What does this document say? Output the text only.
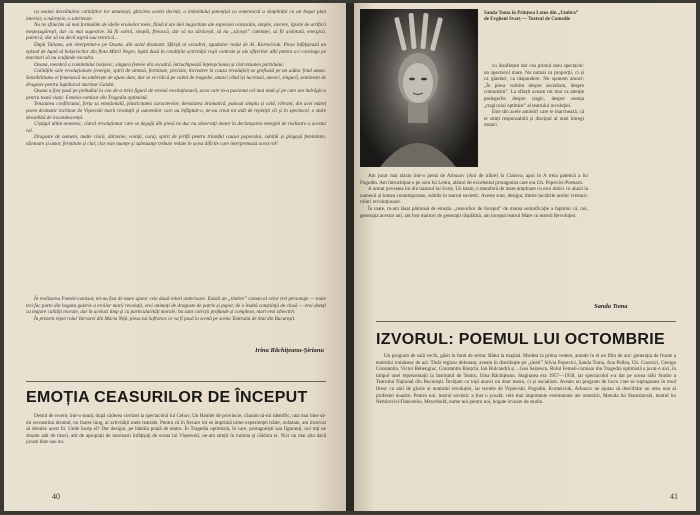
cu seamă dezvăluirea calităților lor umanești, ghicirea acelei dorinți, a imboldului potențial cu omenescul a simplității cu un bogat plan interior, a mărețeie, o sobrietate.

Nu ne sfiiurăm să mai formulăm de ideile eroinelor mele, fiindcă am idei majoritate ale expresiei cenzurăm, simple, sincere, lipsite de artificii meșteșugărești, dar cu mai sugestive. Să fii sobră, simplă, firească, dar să nu sărăcești, să nu „săcești” cuminței, să fii avântată, energică, patetică, dar să nu devii aspră sau retorică...

După Tatiana, am interpretat-o pe Oxana, din actul dramatic Sfârșit al escadrei, zguduitor redat de Al. Korneiciuk. Piesa înfățișează un episod de luptă al bolșevicilor din flota Mării Negre, luptă dusă în condițiile activității roșii centrale și ale ofițerilor albi pentru a-i convinge pe marinari să nu scufunde escadra.

Oxana, membră a comitetului bolșevic, singura femeie din escadră, întruchipează înțelepciunea și clarviziunea partidului.

Calitățile sale revoluționare (energie, spirit de sinteză, fermitate, precizie, încredere în cauza revoluției) se grefează pe un adânc fond uman. Sensibilitatea ei femeiască nu umbrește de ajuns date, dar se se ridică pe culmi de tragedie, atunci când își lucrează, uneori, singură, sentiment de dragoste pentru luptătorul marinar Gaidai.

Oxana a fost pusă pe preludiul la cea de-a treia figură de eroină revoluționară, acea care m-a pasionat cel mai mult și pe care am îndrăgit-o pentru toată viața: Femeia-comisar din Tragedia optimistă.

Tensiunea conflictului, forța sa emoțională, plasticitatea caracterelor, densitatea dramatică, patosul simplu și cald, vibrant, din acel măreț poem dramatic închinat de Vișnevski marii revoluții și oamenilor care au înfăptuit-o, ne-au creat tot atât de repetiții cît și în spectacol, o stare deosebită de incandescență.

Cîștigul ultim omenesc, clarul revoluționar care se degajă din piesă ne duc nu observați motor la declanșarea energiei de realizare a acestui rol.

Dragoste de oameni, multe clară, dârzenie, voință, curaj, spirit de jertfă pentru triumful cauzei poporului, subtilă și gingașă feminitate, tăietoare și umor, fermitate și clar, clar este nuanțe și subnuanțe trebuie redate în acest dificile care interpretează acest rol!

În realizarea Femeii-comisar, mi-au fost de mare ajutor cele două roluri anterioare. Există un „timbre” comun al celor trei personaje — toate trei fac parte din bogata galerie a eroilor marii revoluții, eroi animați de dragoste de patrie și popor, de o înaltă conștiință de clasă — eroi dotați cu majore calități morale, dar în acelasi timp și cu particularități morale; ba sunt colecții profunde și complexe, mari eroi obiectivi.

În prezent repet rolul Varvarei din Maria Niță, piesa lui Sofronov ce va fi pusă la scenă pe scena Teatrului de Stat din București.

Irina Răchițeanu-Șirianu
EMOȚIA CEASURILOR DE ÎNCEPUT

Destul de recent, într-o seară, după căderea cortinei la spectacolul lui Cehov, Un Hamlet de provincie, căutam să-mi identific, una mai bine să-mi reconstitui drumul, nu foarte lung, al activității mele teatrale. Pentru că în fiecare rol se imprimă urme experienței trăite, avântate, am încercat să derulez acest fir. Unde încep el? Dar desigur, pe bătrâla poală de teatru. În Tragedia optimistă, în care, protagoniști sau figuranți, noi toți ne situam atât de tineri, atît de apropiați de marinarii înfățișați de scena lui Vișnevski, ne-am simțit în lumina și căldura ei. Nici nu mai știu dacă jucam bine sau nu.

40
Sanda Toma în Prințesa Lotus din „Umbra” de Evgheni Svarț — Teatrul de Comedie

cu însuflețire dar cea primul meu spectacol: un spectacol mare. Nu numai ca proporții, ci și ca gânduri, ca răspundere. Nu spunem atunci: „În piesa vorbim despre socialism, despre comunism”. La sfârșit aveam tot mai ca atenție prelegerile despre tragic, despre esența „tragicului optimist” al teatrului revoluției.

Este din acele amintiri care te marchează, că te simți responsabilă și discipol al unei întregi munci.

Am jucat mai târziu într-o piesă de Arbuzov (Ani de trăire) la Craiova, apoi în A treia patetică a lui Pogodin. Am întruchipat-o pe sora lui Lenin, alături de excelentul protagonist care era Gh. Popovici-Poenaru.

A urmat povestea lui din basmul lui Svarț. Un basm, o metaforă de mare amploare cu eroi mitici cu aluzii la oamenii și lumea contemporane, subtile în teatrul sovietic. Aceste sunt, desigur, dintre lucrările acelor vremuri: roluri revoluționare.

În toate, m-am lăsat pătrunsă de emoția „ceasurilor de început” de marea semnificație a faptului că, noi, generația acestor ani, am fost martori de generații răsplătită, am început teatrul Mare cu teatrul Revoluției.

Sanda Toma
IZVORUL: POEMUL LUI OCTOMBRIE

Un program de sală vechi, găsit în fund de sertar. Bătut la mașină. Modest la prima vedere, aninde în el un film de aur: generația de frunte a teatrului românesc de azi. Tinăr regizor debutant, aveam în distribuție pe „tineii” Silvia Popovici, Sanda Toma, Ana Pellea, Gh. Cozorici, George Constantin, Victor Rebengiuc, Constantin Rauțchi, Ion Bulcandră și ...Geo Saizescu. Rolul Femeii-comisar din Tragedia optimistă a jucat-o aici, în timpul unei reprezentații la Institutul de Teatru, Irina Răchițeanu. Stagiunea era 1957—1958, iar spectacolul s-a dat pe scena sălii Studio a Teatrului Național din București. Învățam cu toții atunci nu doar teatru, ci și socialism. Aveam un program de lucru care se suprapunea în mod firesc cu anii de glorie ai teatrului revoluției, iar textele de Vișnevski, Pogodin, Korneiciuk, Arbuzov ne ajutau să descifrăm un sens nou al profesiei noastre. Pentru noi, teatrul sovietic a fost o școală; cele mai importante evenimente ale omenirii, Metoda lui Stanislavski, teatrul lui Nemirovici-Dancenko, Meyerhold, nume noi pentru noi, bogate izvoare de studiu.

41
